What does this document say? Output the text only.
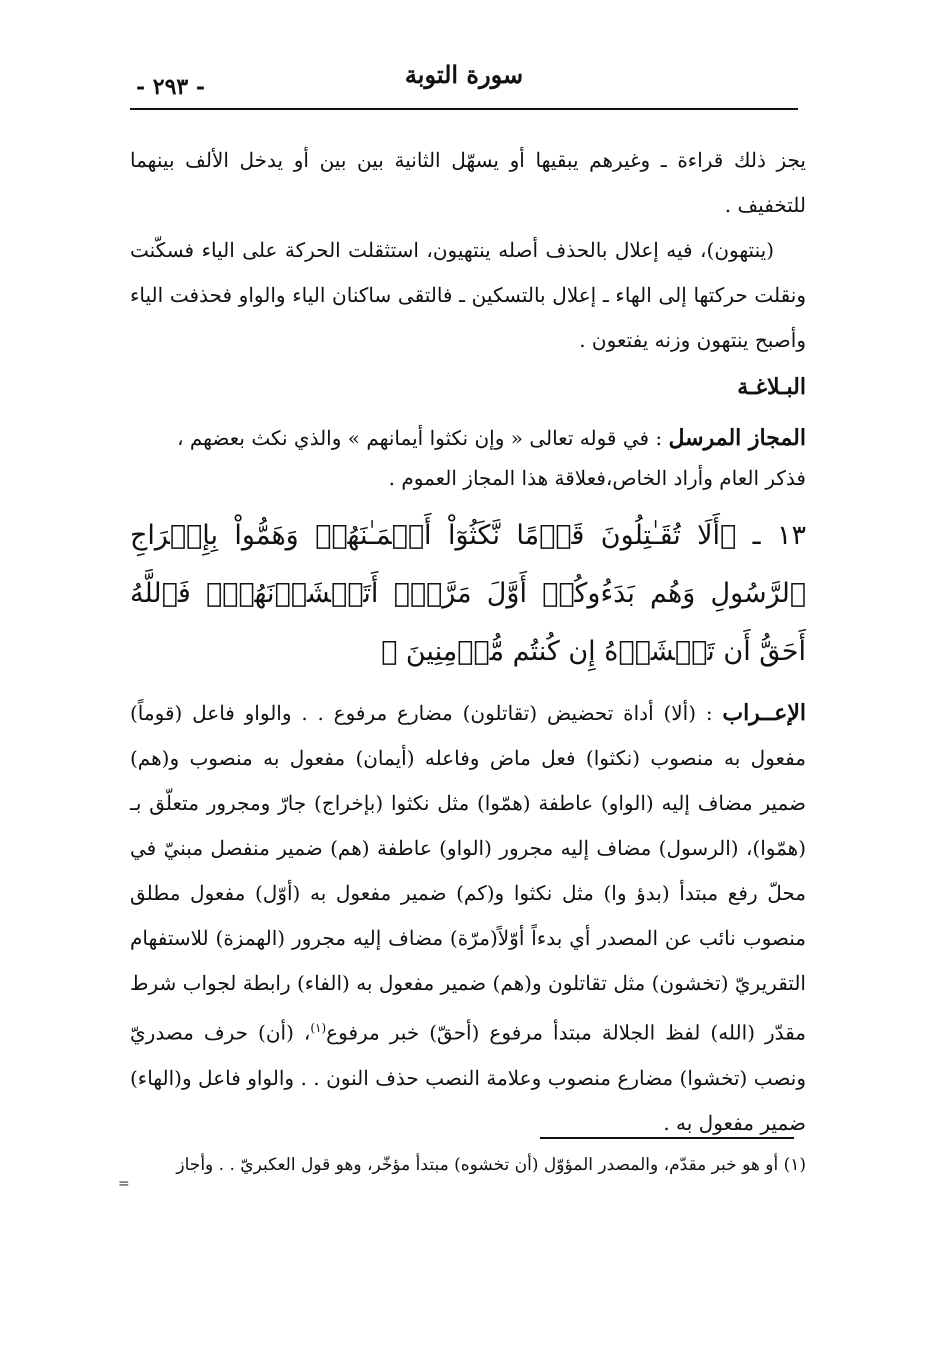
سورة التوبة
- ٢٩٣ -

يجز ذلك قراءة ـ وغيرهم يبقيها أو يسهّل الثانية بين بين أو يدخل الألف بينهما للتخفيف .

(ينتهون)، فيه إعلال بالحذف أصله ينتهيون، استثقلت الحركة على الياء فسكّنت ونقلت حركتها إلى الهاء ـ إعلال بالتسكين ـ فالتقى ساكنان الياء والواو فحذفت الياء وأصبح ينتهون وزنه يفتعون .

البـلاغـة

المجاز المرسل : في قوله تعالى « وإن نكثوا أيمانهم » والذي نكث بعضهم ،

فذكر العام وأراد الخاص،فعلاقة هذا المجاز العموم .

١٣ ـ ﴿أَلَا تُقَـٰتِلُونَ قَوۡمًا نَّكَثُوٓاْ أَيۡمَـٰنَهُمۡ وَهَمُّواْ بِإِخۡرَاجِ ٱلرَّسُولِ وَهُم بَدَءُوكُمۡ أَوَّلَ مَرَّةٍۚ أَتَخۡشَوۡنَهُمۡۚ فَٱللَّهُ أَحَقُّ أَن تَخۡشَوۡهُ إِن كُنتُم مُّؤۡمِنِينَ ﴾

الإعــراب : (ألا) أداة تحضيض (تقاتلون) مضارع مرفوع . . والواو فاعل (قوماً) مفعول به منصوب (نكثوا) فعل ماض وفاعله (أيمان) مفعول به منصوب و(هم) ضمير مضاف إليه (الواو) عاطفة (همّوا) مثل نكثوا (بإخراج) جارّ ومجرور متعلّق بـ (همّوا)، (الرسول) مضاف إليه مجرور (الواو) عاطفة (هم) ضمير منفصل مبنيّ في محلّ رفع مبتدأ (بدؤ وا) مثل نكثوا و(كم) ضمير مفعول به (أوّل) مفعول مطلق منصوب نائب عن المصدر أي بدءاً أوّلاً(مرّة) مضاف إليه مجرور (الهمزة) للاستفهام التقريريّ (تخشون) مثل تقاتلون و(هم) ضمير مفعول به (الفاء) رابطة لجواب شرط مقدّر (الله) لفظ الجلالة مبتدأ مرفوع (أحقّ) خبر مرفوع$^{(١)}$، (أن) حرف مصدريّ ونصب (تخشوا) مضارع منصوب وعلامة النصب حذف النون . . والواو فاعل و(الهاء) ضمير مفعول به .

(١) أو هو خبر مقدّم، والمصدر المؤوّل (أن تخشوه) مبتدأ مؤخّر، وهو قول العكبريّ . . وأجاز
=
